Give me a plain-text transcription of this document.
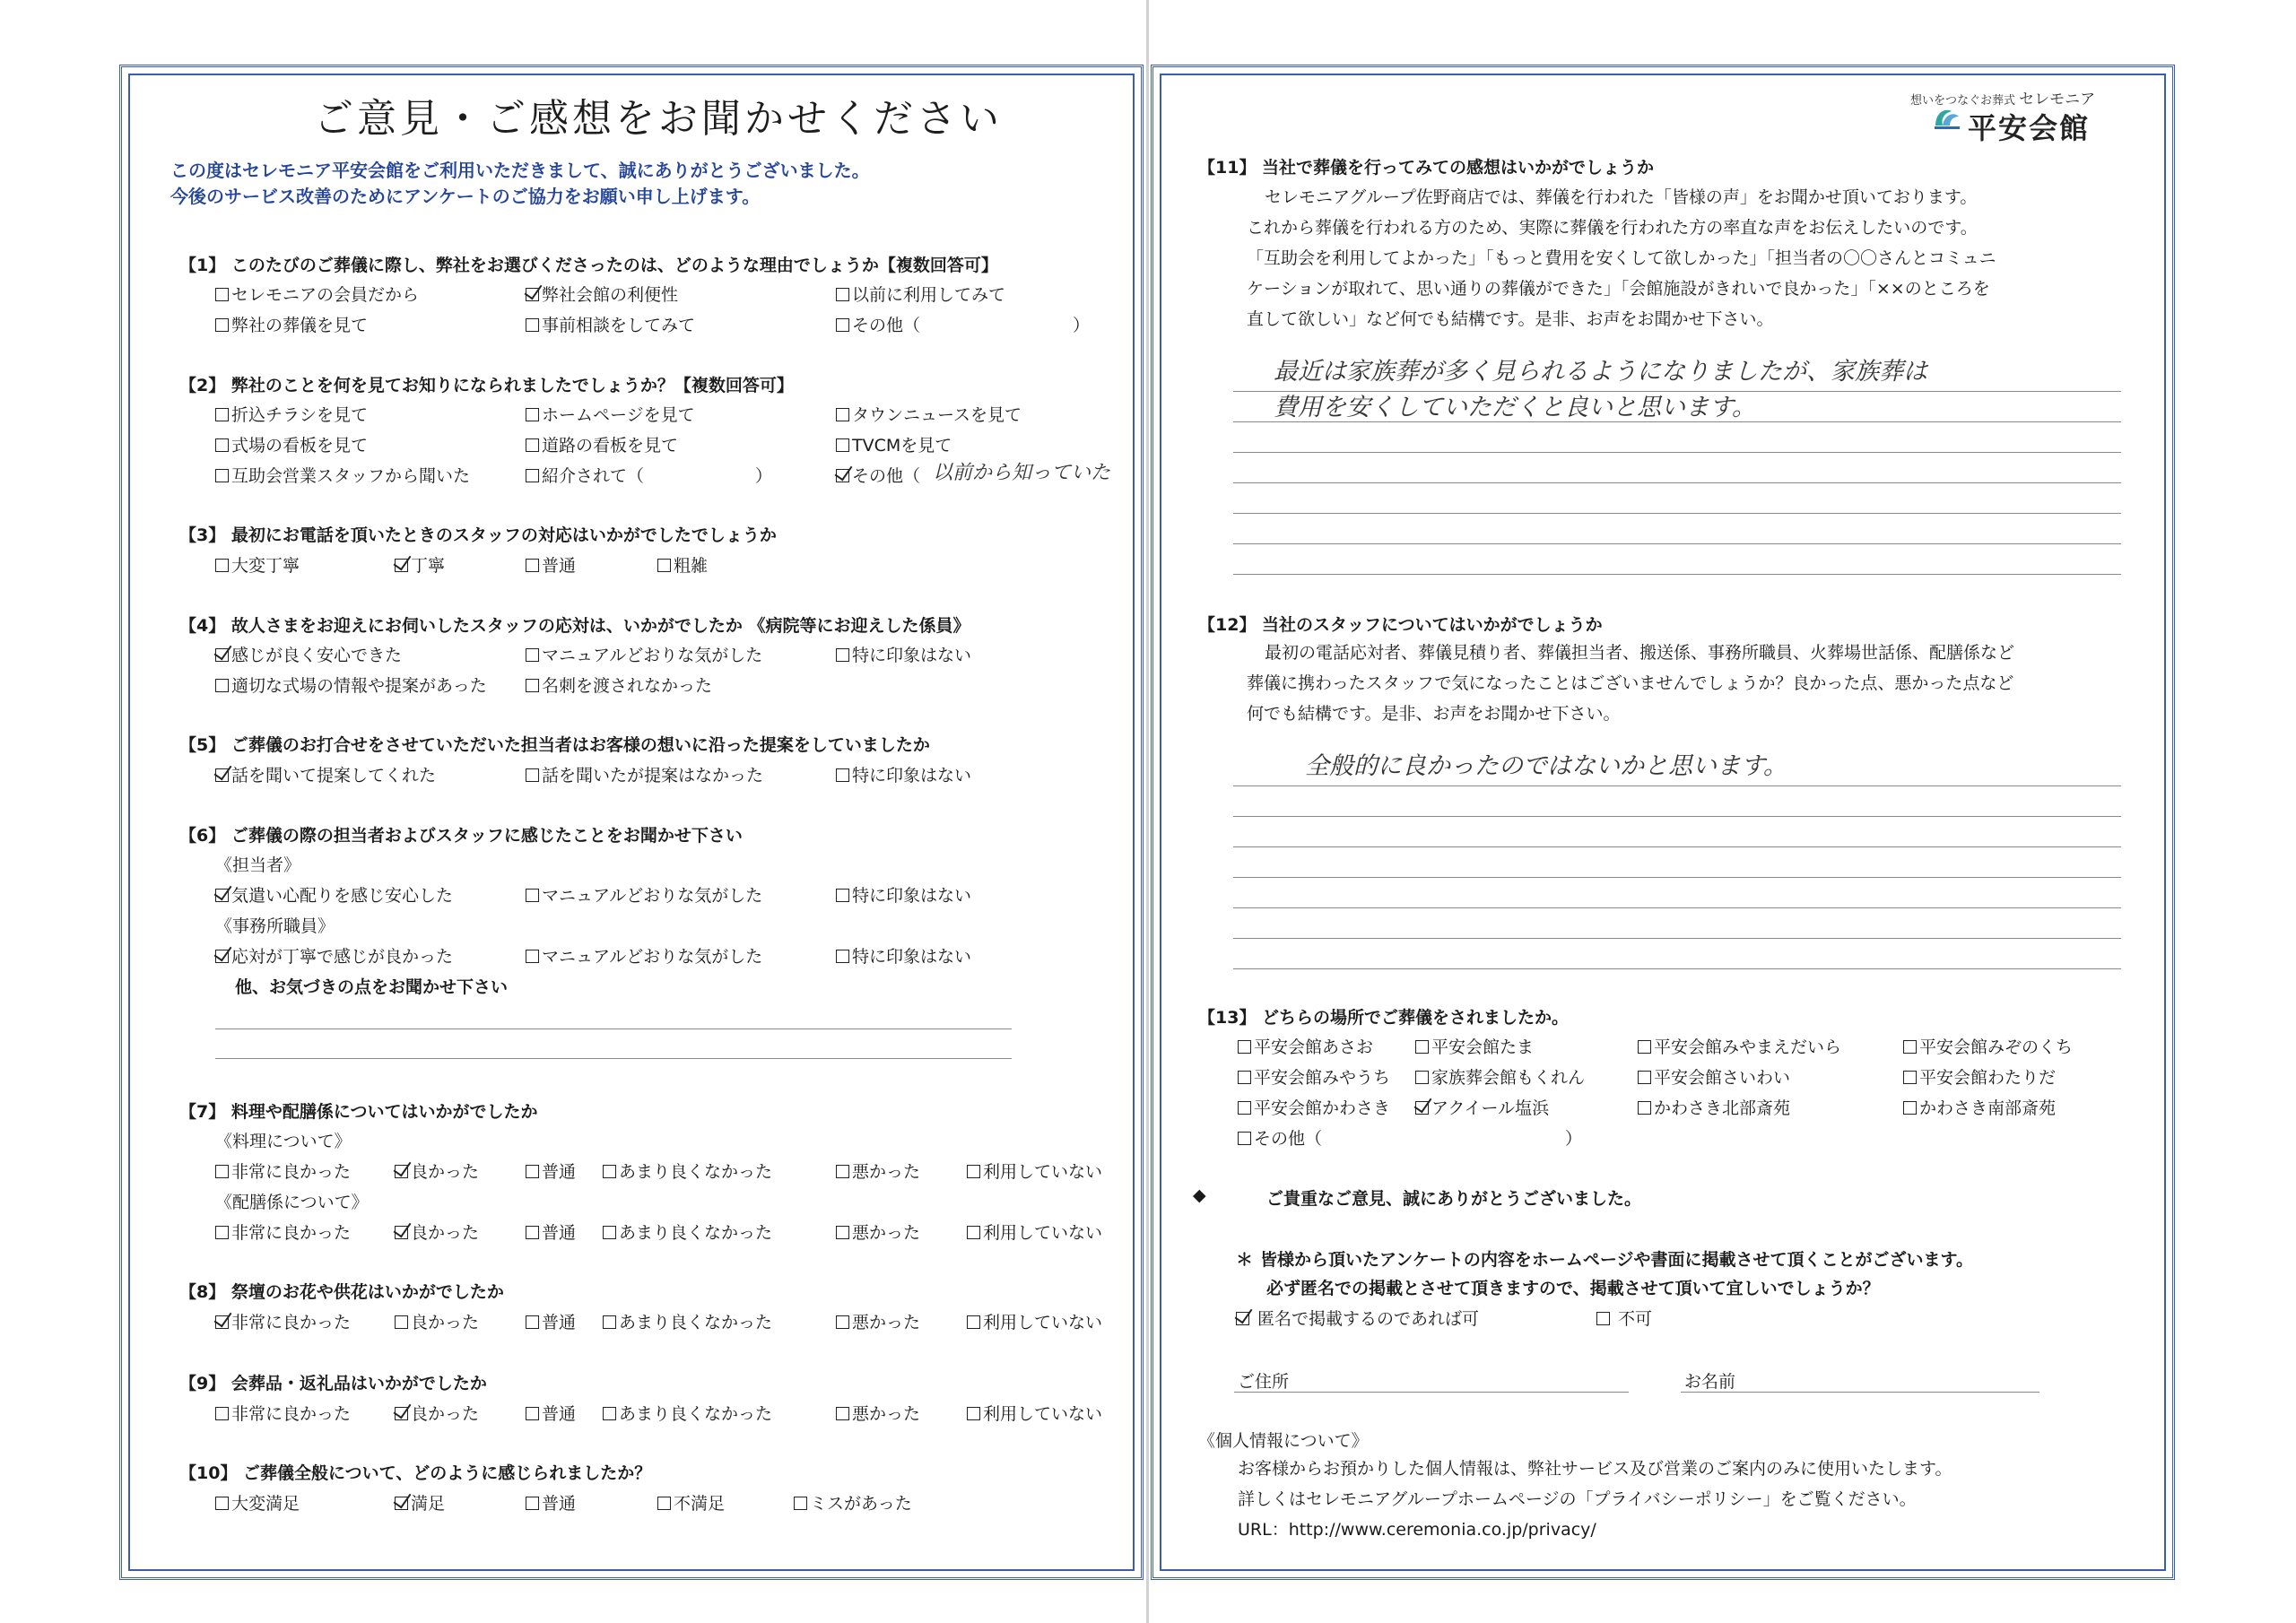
ご意見・ご感想をお聞かせください
この度はセレモニア平安会館をご利用いただきまして、誠にありがとうございました。
今後のサービス改善のためにアンケートのご協力をお願い申し上げます。
【1】 このたびのご葬儀に際し、弊社をお選びくださったのは、どのような理由でしょうか【複数回答可】
セレモニアの会員だから	弊社会館の利便性	以前に利用してみて
弊社の葬儀を見て	事前相談をしてみて	その他（	）
【2】 弊社のことを何を見てお知りになられましたでしょうか？【複数回答可】
折込チラシを見て	ホームページを見て	タウンニュースを見て
式場の看板を見て	道路の看板を見て	TVCMを見て
互助会営業スタッフから聞いた	紹介されて（	）	その他（ 以前から知っていた
【3】 最初にお電話を頂いたときのスタッフの対応はいかがでしたでしょうか
大変丁寧	丁寧	普通	粗雑
【4】 故人さまをお迎えにお伺いしたスタッフの応対は、いかがでしたか 《病院等にお迎えした係員》
感じが良く安心できた	マニュアルどおりな気がした	特に印象はない
適切な式場の情報や提案があった	名刺を渡されなかった
【5】 ご葬儀のお打合せをさせていただいた担当者はお客様の想いに沿った提案をしていましたか
話を聞いて提案してくれた	話を聞いたが提案はなかった	特に印象はない
【6】 ご葬儀の際の担当者およびスタッフに感じたことをお聞かせ下さい
《担当者》
気遣い心配りを感じ安心した	マニュアルどおりな気がした	特に印象はない
《事務所職員》
応対が丁寧で感じが良かった	マニュアルどおりな気がした	特に印象はない
他、お気づきの点をお聞かせ下さい
【7】 料理や配膳係についてはいかがでしたか
《料理について》
非常に良かった	良かった	普通	あまり良くなかった	悪かった	利用していない
《配膳係について》
非常に良かった	良かった	普通	あまり良くなかった	悪かった	利用していない
【8】 祭壇のお花や供花はいかがでしたか
非常に良かった	良かった	普通	あまり良くなかった	悪かった	利用していない
【9】 会葬品・返礼品はいかがでしたか
非常に良かった	良かった	普通	あまり良くなかった	悪かった	利用していない
【10】 ご葬儀全般について、どのように感じられましたか？
大変満足	満足	普通	不満足	ミスがあった
想いをつなぐお葬式 セレモニア
平安会館
【11】 当社で葬儀を行ってみての感想はいかがでしょうか
セレモニアグループ佐野商店では、葬儀を行われた「皆様の声」をお聞かせ頂いております。
これから葬儀を行われる方のため、実際に葬儀を行われた方の率直な声をお伝えしたいのです。
「互助会を利用してよかった」「もっと費用を安くして欲しかった」「担当者の〇〇さんとコミュニ
ケーションが取れて、思い通りの葬儀ができた」「会館施設がきれいで良かった」「××のところを
直して欲しい」など何でも結構です。是非、お声をお聞かせ下さい。
最近は家族葬が多く見られるようになりましたが、家族葬は
費用を安くしていただくと良いと思います。
【12】 当社のスタッフについてはいかがでしょうか
最初の電話応対者、葬儀見積り者、葬儀担当者、搬送係、事務所職員、火葬場世話係、配膳係など
葬儀に携わったスタッフで気になったことはございませんでしょうか？良かった点、悪かった点など
何でも結構です。是非、お声をお聞かせ下さい。
全般的に良かったのではないかと思います。
【13】 どちらの場所でご葬儀をされましたか。
平安会館あさお	平安会館たま	平安会館みやまえだいら	平安会館みぞのくち
平安会館みやうち	家族葬会館もくれん	平安会館さいわい	平安会館わたりだ
平安会館かわさき	アクイール塩浜	かわさき北部斎苑	かわさき南部斎苑
その他（	）
◆	ご貴重なご意見、誠にありがとうございました。
＊ 皆様から頂いたアンケートの内容をホームページや書面に掲載させて頂くことがございます。
必ず匿名での掲載とさせて頂きますので、掲載させて頂いて宜しいでしょうか？
匿名で掲載するのであれば可	不可
ご住所	お名前
《個人情報について》
お客様からお預かりした個人情報は、弊社サービス及び営業のご案内のみに使用いたします。
詳しくはセレモニアグループホームページの「プライバシーポリシー」をご覧ください。
URL：http://www.ceremonia.co.jp/privacy/
